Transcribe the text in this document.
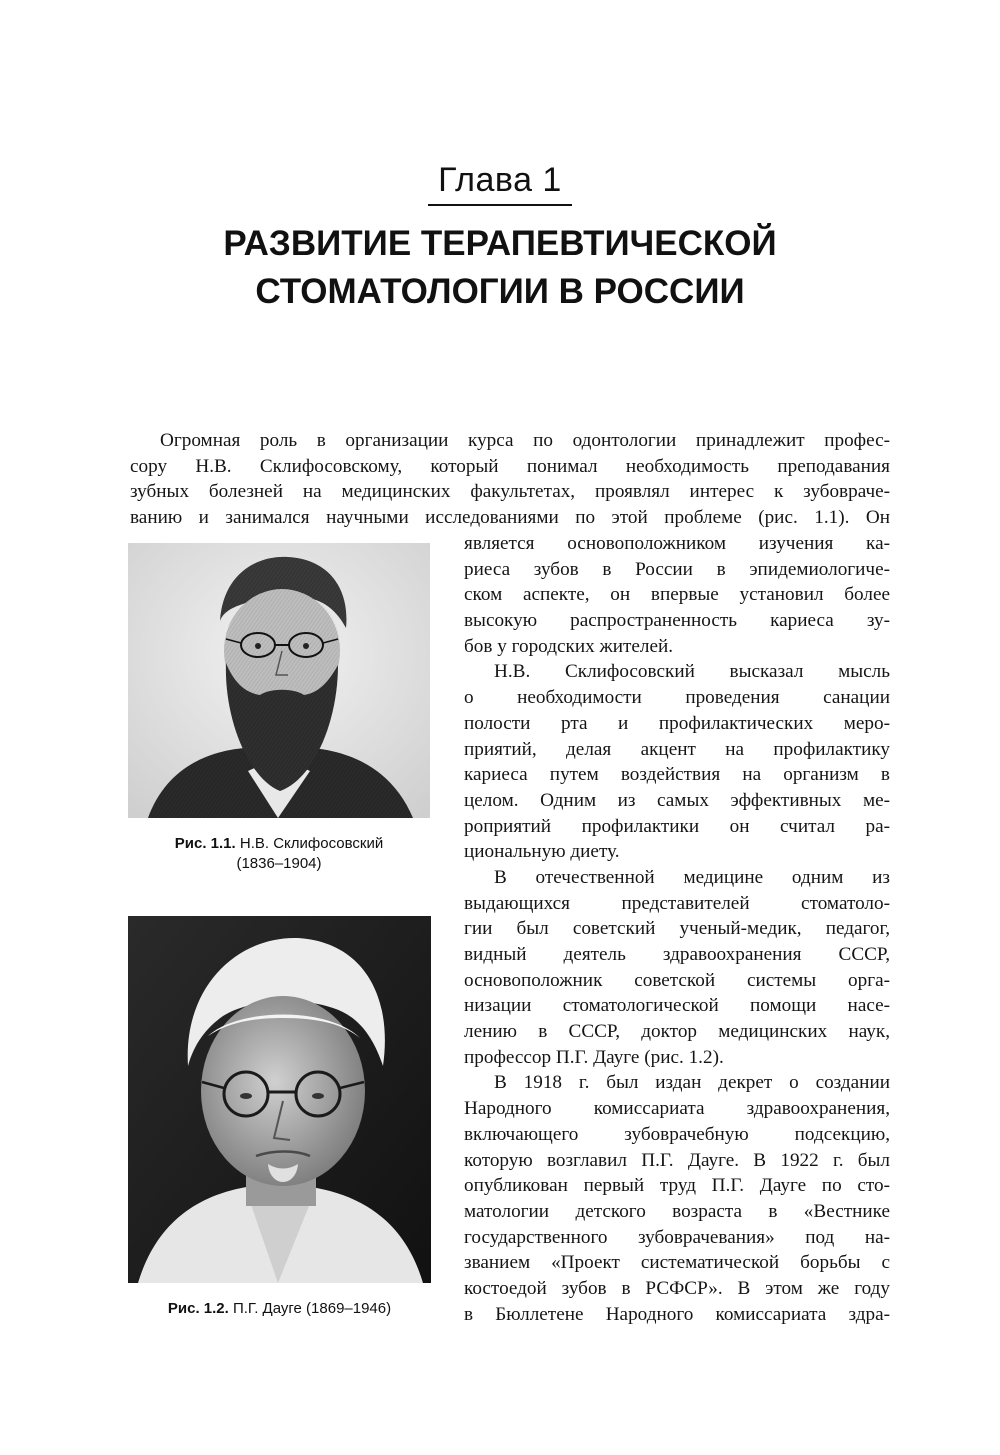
Глава 1
РАЗВИТИЕ ТЕРАПЕВТИЧЕСКОЙ
СТОМАТОЛОГИИ В РОССИИ
Огромная роль в организации курса по одонтологии принадлежит профес-
сору Н.В. Склифосовскому, который понимал необходимость преподавания
зубных болезней на медицинских факультетах, проявлял интерес к зубовраче-
ванию и занимался научными исследованиями по этой проблеме (рис. 1.1). Он
является основоположником изучения ка-
риеса зубов в России в эпидемиологиче-
ском аспекте, он впервые установил более
высокую распространенность кариеса зу-
бов у городских жителей.
Н.В. Склифосовский высказал мысль
о необходимости проведения санации
полости рта и профилактических меро-
приятий, делая акцент на профилактику
кариеса путем воздействия на организм в
целом. Одним из самых эффективных ме-
роприятий профилактики он считал ра-
циональную диету.
В отечественной медицине одним из
выдающихся представителей стоматоло-
гии был советский ученый-медик, педагог,
видный деятель здравоохранения СССР,
основоположник советской системы орга-
низации стоматологической помощи насе-
лению в СССР, доктор медицинских наук,
профессор П.Г. Дауге (рис. 1.2).
В 1918 г. был издан декрет о создании
Народного комиссариата здравоохранения,
включающего зубоврачебную подсекцию,
которую возглавил П.Г. Дауге. В 1922 г. был
опубликован первый труд П.Г. Дауге по сто-
матологии детского возраста в «Вестнике
государственного зубоврачевания» под на-
званием «Проект систематической борьбы с
костоедой зубов в РСФСР». В этом же году
в Бюллетене Народного комиссариата здра-
Рис. 1.1. Н.В. Склифосовский
(1836–1904)
Рис. 1.2. П.Г. Дауге (1869–1946)
